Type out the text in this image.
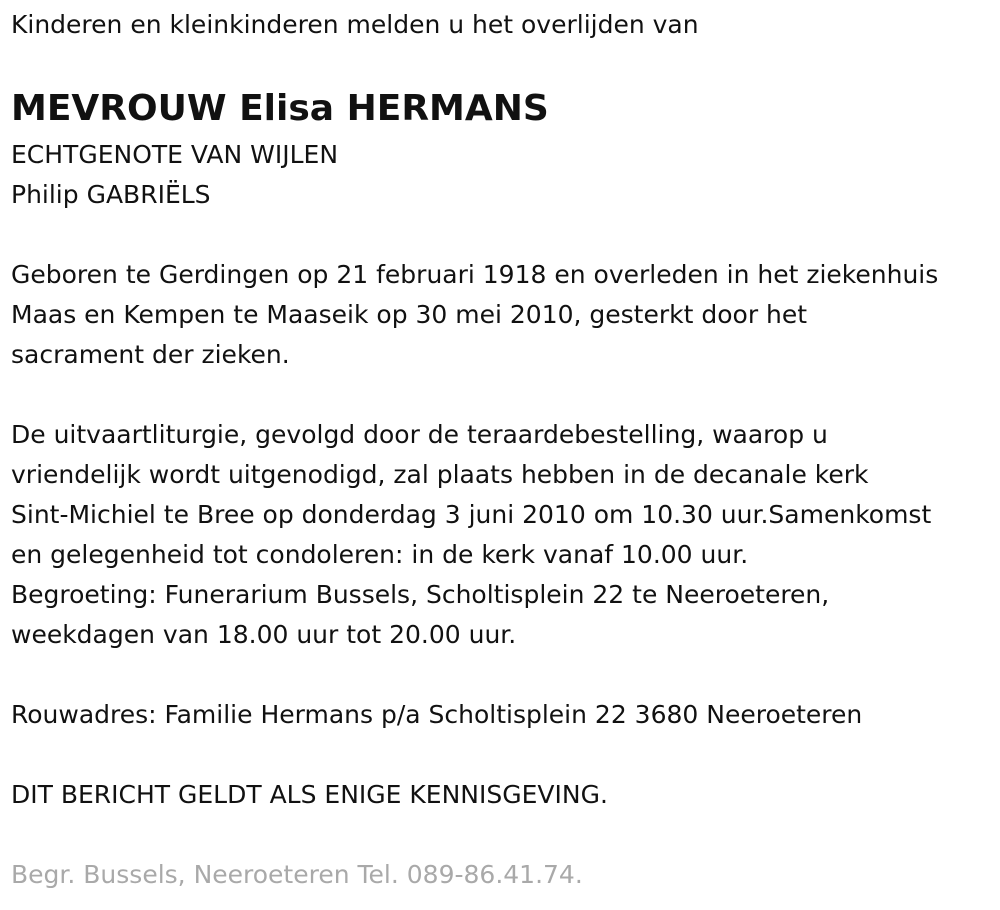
Kinderen en kleinkinderen melden u het overlijden van
MEVROUW Elisa HERMANS
ECHTGENOTE VAN WIJLEN
Philip GABRIËLS
Geboren te Gerdingen op 21 februari 1918 en overleden in het ziekenhuis
Maas en Kempen te Maaseik op 30 mei 2010, gesterkt door het
sacrament der zieken.
De uitvaartliturgie, gevolgd door de teraardebestelling, waarop u
vriendelijk wordt uitgenodigd, zal plaats hebben in de decanale kerk
Sint-Michiel te Bree op donderdag 3 juni 2010 om 10.30 uur.Samenkomst
en gelegenheid tot condoleren: in de kerk vanaf 10.00 uur.
Begroeting: Funerarium Bussels, Scholtisplein 22 te Neeroeteren,
weekdagen van 18.00 uur tot 20.00 uur.
Rouwadres: Familie Hermans p/a Scholtisplein 22 3680 Neeroeteren
DIT BERICHT GELDT ALS ENIGE KENNISGEVING.
Begr. Bussels, Neeroeteren Tel. 089-86.41.74.
